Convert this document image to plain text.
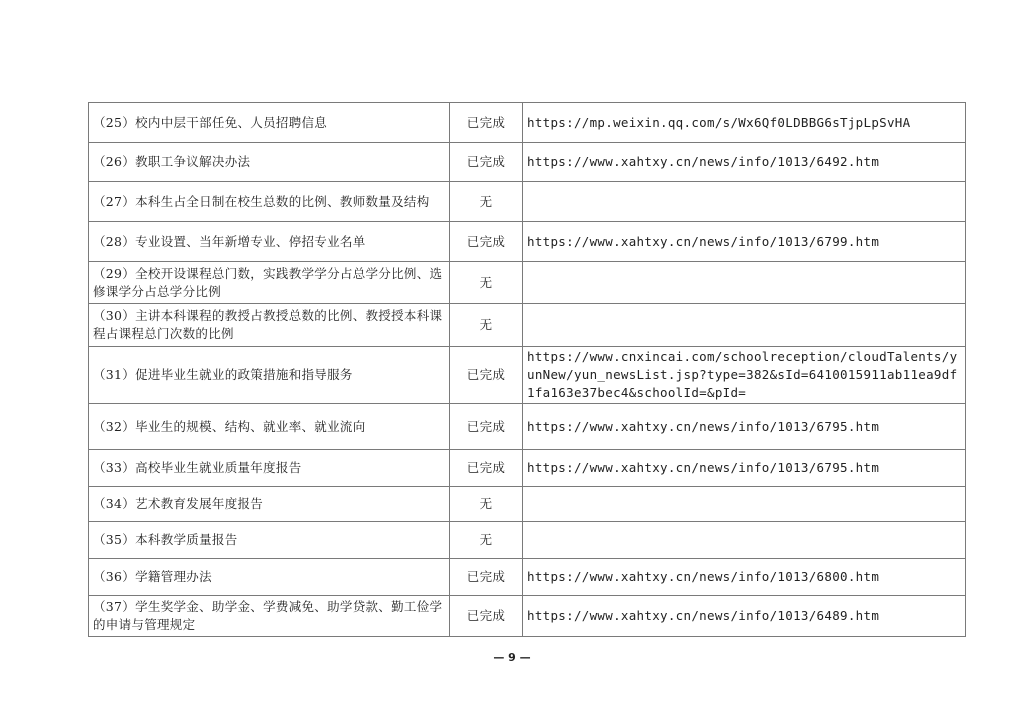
（25）校内中层干部任免、人员招聘信息	已完成	https://mp.weixin.qq.com/s/Wx6Qf0LDBBG6sTjpLpSvHA
（26）教职工争议解决办法	已完成	https://www.xahtxy.cn/news/info/1013/6492.htm
（27）本科生占全日制在校生总数的比例、教师数量及结构	无	
（28）专业设置、当年新增专业、停招专业名单	已完成	https://www.xahtxy.cn/news/info/1013/6799.htm
（29）全校开设课程总门数，实践教学学分占总学分比例、选修课学分占总学分比例	无	
（30）主讲本科课程的教授占教授总数的比例、教授授本科课程占课程总门次数的比例	无	
（31）促进毕业生就业的政策措施和指导服务	已完成	https://www.cnxincai.com/schoolreception/cloudTalents/yunNew/yun_newsList.jsp?type=382&sId=6410015911ab11ea9df1fa163e37bec4&schoolId=&pId=
（32）毕业生的规模、结构、就业率、就业流向	已完成	https://www.xahtxy.cn/news/info/1013/6795.htm
（33）高校毕业生就业质量年度报告	已完成	https://www.xahtxy.cn/news/info/1013/6795.htm
（34）艺术教育发展年度报告	无	
（35）本科教学质量报告	无	
（36）学籍管理办法	已完成	https://www.xahtxy.cn/news/info/1013/6800.htm
（37）学生奖学金、助学金、学费减免、助学贷款、勤工俭学的申请与管理规定	已完成	https://www.xahtxy.cn/news/info/1013/6489.htm
— 9 —
